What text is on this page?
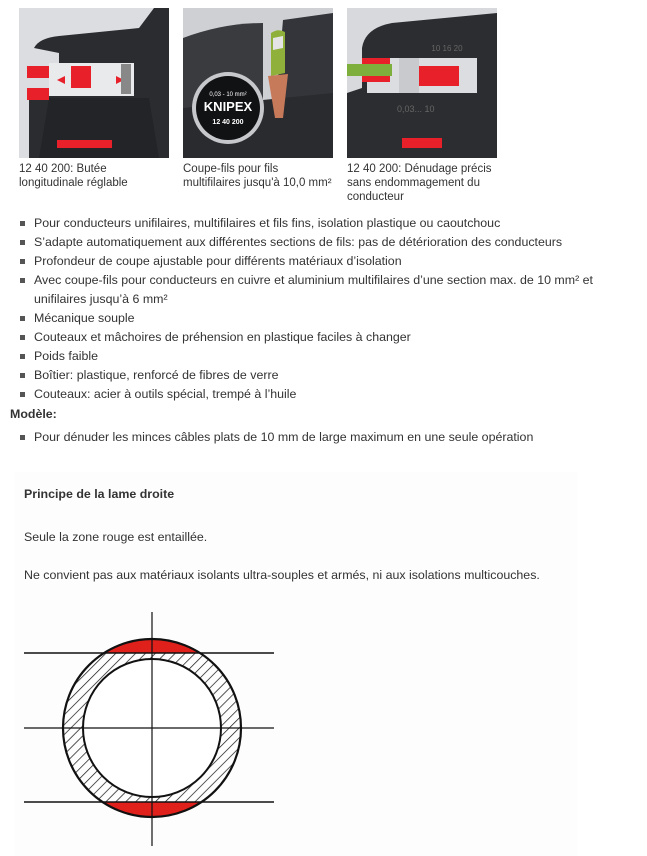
12 40 200: Butée longitudinale réglable
0,03 - 10 mm²
KNIPEX
12 40 200
Coupe-fils pour fils multifilaires jusqu'à 10,0 mm²
10 16 20
0,03... 10
12 40 200: Dénudage précis sans endommagement du conducteur
Pour conducteurs unifilaires, multifilaires et fils fins, isolation plastique ou caoutchouc
S’adapte automatiquement aux différentes sections de fils: pas de détérioration des conducteurs
Profondeur de coupe ajustable pour différents matériaux d’isolation
Avec coupe-fils pour conducteurs en cuivre et aluminium multifilaires d’une section max. de 10 mm² et unifilaires jusqu’à 6 mm²
Mécanique souple
Couteaux et mâchoires de préhension en plastique faciles à changer
Poids faible
Boîtier: plastique, renforcé de fibres de verre
Couteaux: acier à outils spécial, trempé à l’huile
Modèle:
Pour dénuder les minces câbles plats de 10 mm de large maximum en une seule opération
Principe de la lame droite
Seule la zone rouge est entaillée.
Ne convient pas aux matériaux isolants ultra-souples et armés, ni aux isolations multicouches.
